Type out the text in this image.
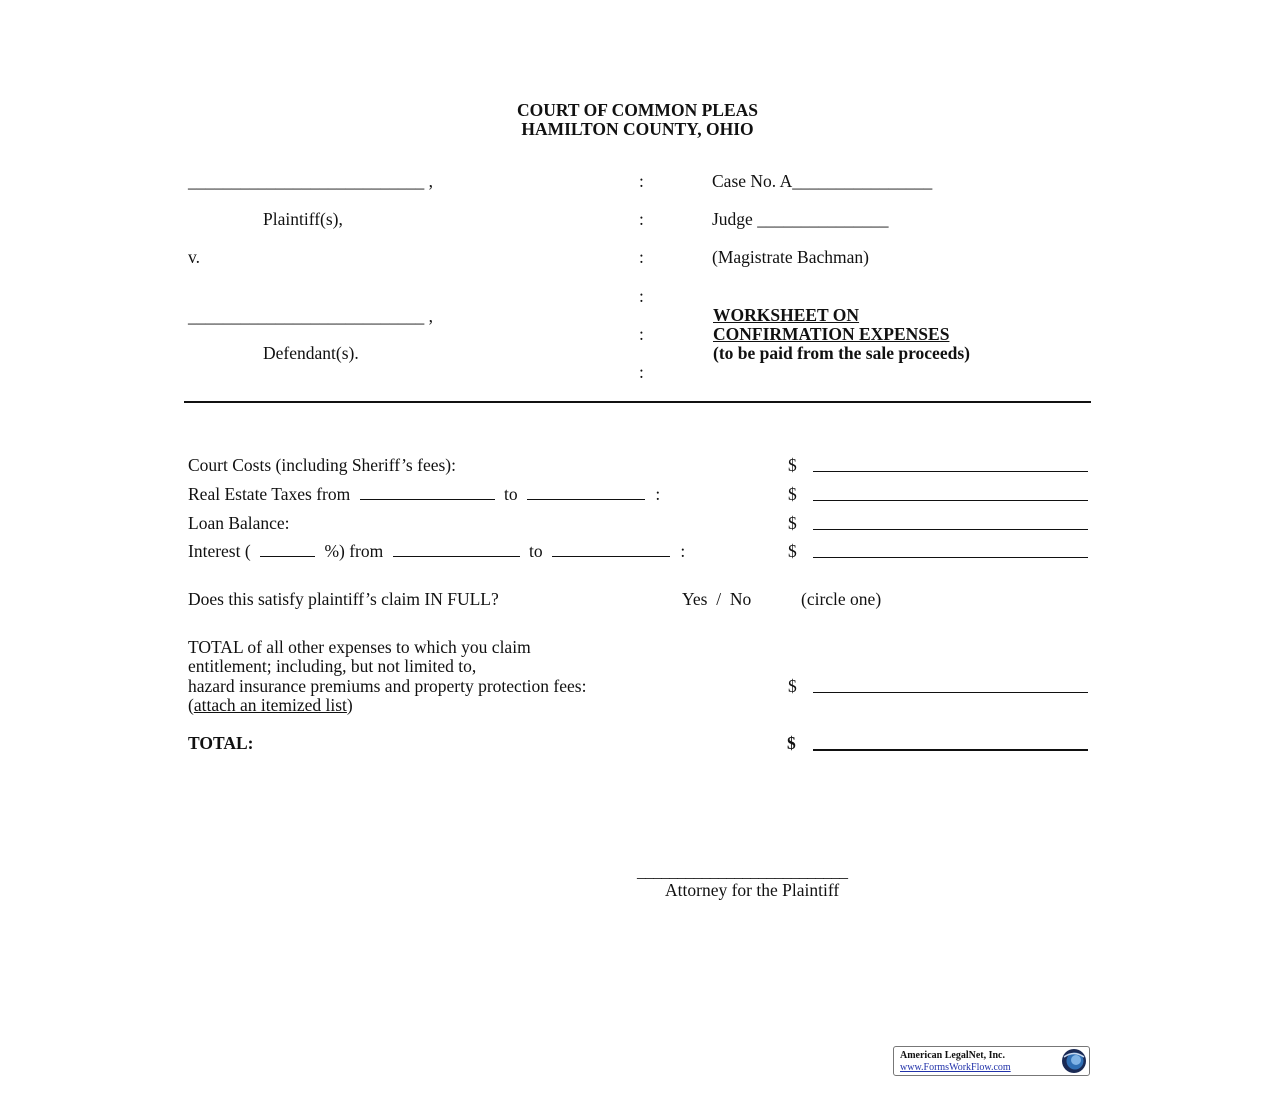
COURT OF COMMON PLEAS
HAMILTON COUNTY, OHIO
___________________________ ,
Plaintiff(s),
v.
___________________________ ,
Defendant(s).
:
:
:
:
:
:
Case No. A________________
Judge _______________
(Magistrate Bachman)
WORKSHEET ON
CONFIRMATION EXPENSES
(to be paid from the sale proceeds)
Court Costs (including Sheriff’s fees):	$
Real Estate Taxes from	to	:	$
Loan Balance:	$
Interest (	%) from	to	:	$
Does this satisfy plaintiff’s claim IN FULL?	Yes  /  No	(circle one)
TOTAL of all other expenses to which you claim
entitlement; including, but not limited to,
hazard insurance premiums and property protection fees:
(attach an itemized list)
$
TOTAL:	$
__________________________
Attorney for the Plaintiff
American LegalNet, Inc.
www.FormsWorkFlow.com
